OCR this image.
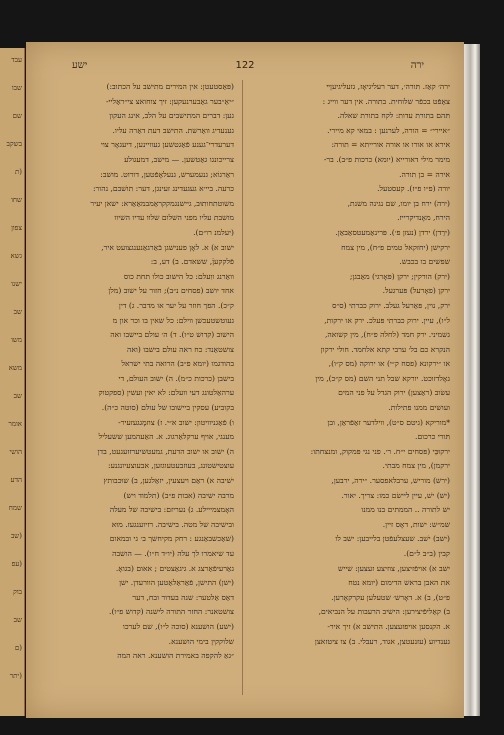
עבד
שבו
שם
בשקב
(ת
שחו
צפון
גשא
ישנו
שב
משו
משא
שב
אומר
הושי
הדע
שמח
(שב
(עפ
בוק
שב
(ם
(יתר
ישע	122	ירה
ירה׳ קאַז. תּורה׳, דער רעליגיאָז, גזעליגיעןײ
צאַפֿט בכפֿר שלוחית. בתורה. אין דער ווייג :
תּהם בתורת עדות: לקח בתורת שאלה.
״איירי״ = הורה, לערנען : במאי קא מיירי.
אירא או אורו או אורה אורייתא = תורה:
מימר מילי דאורייא (יומא) כרכות פ״ב). בר-
אירה = בן תורה.
יורה (פ״ו פ״ז). קעסטעל.
(ירה) ירח בן יומו, שם נגינה משנת,
הירח, מאָנדיקרייז.
(ירֵדן) ירדן (נעזן פ׳). פּרינאַמעטסאַבאַן.
ירקישן (יחזקאל טמים פ״ח), מין צמח
שפשים בו בכבש.
(ירק) הורקין; ירקן (פּאָרגי) מאַבגן;
ירקן (פאָרעל) פּערגעל.
ירק, נוין, פּאַרעל געלב. ירוק כברתי (ס״ס
ל״ו), עיין. ירוק כברתי פּעלכ. ירק או ירקות,
גשמיני. ירק חמד (לחלה פ״ח), מין קשואה,
הנקרא כם בל׳ ערבי קתא אלחמד. חולי ירקון
או ״ירקונא (פסח ק״י) או ירוקה (מס ק״ו),
גאָלדזוכט. יורקא שבל תני השם (מס ק״כ), מין
עשׂוב (ראַצען) ירוק הגדל על פני המים
ועושים ממנו פתילות.
*מוריקא (גיטם ס״ט), ווילדער זאַפֿראַן, ובן
תּורי כרכום.
ירקוּבֵּי (פּסחים י״ח. ר׳. פני נגי פּמקוק, ומנצחתו:
ירקמן), מין צמח מבתי.
(ירש) מוריש, ערבלאפסער. ״ירה, ירבען,
(יש) ישׁ, עיין ליישׂם כמו: צריך. יאור.
יש לתורה .. הממתים בנו ממנו
שמ״ש: ישות, דאָס זיין.
(ישב) ישׁב. שעצלעפֿטן בלייבען: ישב לו
קבין (ב״ב ל״ם).
ישב א) אויפֿזיצען, צוזיצע זעצען: שייש
את האבן בראש הדימום (יומא נטח
פ״ט), ב) א. דאָרש׳ שטעלען עקרקאָרען.
ב) קאַליפֿיצירען: הישיב הרעבות על הנביאים,
א. הקנסען אויפזעצען. התישב א) זיך איר-
גענדיוע (עזנעטצן, אגוד, רעבלי. ב) צו ציטזאצן
(פּאַסטעטן: אין המירים מתישב על הכתוב:)
״יאַ״בער גאַבערנעקען: זיך צוחואצ צי״ראַליי-
גען: דברים המתישבים על הלב, אינג העקון
גענעדיג וואַרשת. התישב דעת דאַרה עליו.
דערעדרי־גענע פֿאַגטשען געוויינען, דיעגאָר צוי
צרייכונגו גאַטשען. — מישב, דמעגולע
ראַרגוֹא; גנעמערש, גנעלאָפֿטען, דורוט. מושב:
כרעה. ביי׳א געגעדינג זעינגן, דער: תושׁבם, נהור:
משוטתחותוּב, גיישנגמקקראַמבמאַאַרא: ישאן יעיר
מושבת עליו מפני השלום שלוו עדיו השיוו
(יעלמנ רו״ם).
ישוב א) א. לאָן פענישגן בֿאַרגאַנענגצועט איר,
פֿלקקעןֿ, ששאדם. ב) דע, ב:
וואַרנג ווִעלם: כל הישוב כולו תחת כוס
אחד יושב (פסחים נ״ב); חזור על ישוב (מלן
ק״כ). הפך חוזר על יער או מדבר. ג) דין
געוטשטעכשן ווילם: כל שאין בו וכר און מ
הישוב (קדוש ט״ו). ד) ה׳ עולם ביישבו ואה
צושטאַנד: כח ראה עולם בישבו (ואה
בהודגמו (יומא פ״ב) הרואה בתי ישראל
בישבן (כרכות כ״מ). ה) ישוב העולם, די
ערהאַלטונג דעי וועלם: לא יאין ועשין (ספקטוק
בקוביע) עסקין ביישובו של עולם (סוטה כ״ה).
ו) פֿאַגניוויטון: ישוב א״י. ז) צוזמָגגעזעיר-
מענגי, אויף ערקלאַרגוג. א. האַעהמען ששעליל
ה) ישוב או ישוב הדעת, גמעטשיערזזעגעט, בדן
עוצטישטונג, בעוזבעטעוגזען, אבעוצעיונגנע:
ישׁיבה א) ראַם ויעצעין, יזאַלגען, ב) שוּכבותץ
מרבה ישיבה (אבות פ״ב) (תלמוד ויש)
האָמצמייילע. ג) נעריזם: בישיבה של מעלה
ובישיבה של מטה. בישיבה. רזיוענגעז. מוּא
(שאַכשבאַנגע : רחק מקיחשך ב׳ גי ובמאום
עד שיאמרו לך עלה (יו״ד ח״ו). — הושבה
גאַרעיפֿאַרצג א. גיגאַצטים ; אאום (בגואָ.
(ישן) התישן, פֿאַראַלאַטען הוורעדן. ישן
דאַס אַלטער: שנה בעדור ובח, דער
צושטאנר: החזר התורה לישנה (קדוש פ״ו).
(ישע) הושענא (סוכה ל״ו), שם לערכו
שלוקקין בימי הושענא.
״גאַ להקפה באמירת הושענא. ראה המה
